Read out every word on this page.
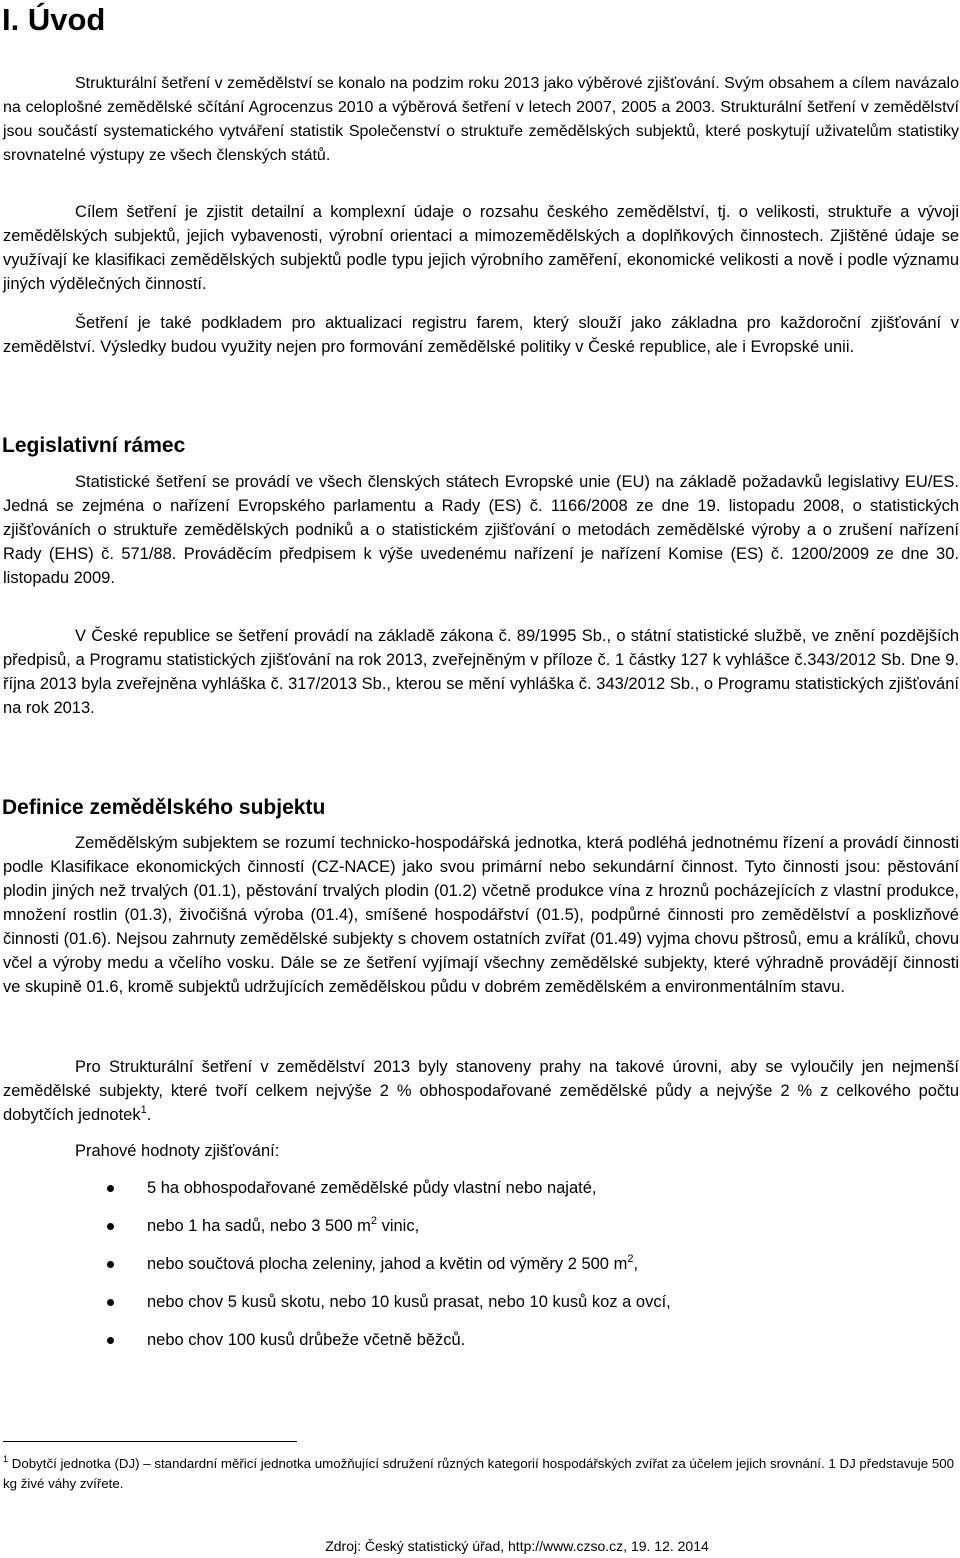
I. Úvod

Strukturální šetření v zemědělství se konalo na podzim roku 2013 jako výběrové zjišťování. Svým obsahem a cílem navázalo na celoplošné zemědělské sčítání Agrocenzus 2010 a výběrová šetření v letech 2007, 2005 a 2003. Strukturální šetření v zemědělství jsou součástí systematického vytváření statistik Společenství o struktuře zemědělských subjektů, které poskytují uživatelům statistiky srovnatelné výstupy ze všech členských států.

Cílem šetření je zjistit detailní a komplexní údaje o rozsahu českého zemědělství, tj. o velikosti, struktuře a vývoji zemědělských subjektů, jejich vybavenosti, výrobní orientaci a mimozemědělských a doplňkových činnostech. Zjištěné údaje se využívají ke klasifikaci zemědělských subjektů podle typu jejich výrobního zaměření, ekonomické velikosti a nově i podle významu jiných výdělečných činností.

Šetření je také podkladem pro aktualizaci registru farem, který slouží jako základna pro každoroční zjišťování v zemědělství. Výsledky budou využity nejen pro formování zemědělské politiky v České republice, ale i Evropské unii.

Legislativní rámec

Statistické šetření se provádí ve všech členských státech Evropské unie (EU) na základě požadavků legislativy EU/ES. Jedná se zejména o nařízení Evropského parlamentu a Rady (ES) č. 1166/2008 ze dne 19. listopadu 2008, o statistických zjišťováních o struktuře zemědělských podniků a o statistickém zjišťování o metodách zemědělské výroby a o zrušení nařízení Rady (EHS) č. 571/88. Prováděcím předpisem k výše uvedenému nařízení je nařízení Komise (ES) č. 1200/2009 ze dne 30. listopadu 2009.

V České republice se šetření provádí na základě zákona č. 89/1995 Sb., o státní statistické službě, ve znění pozdějších předpisů, a Programu statistických zjišťování na rok 2013, zveřejněným v příloze č. 1 částky 127 k vyhlášce č.343/2012 Sb. Dne 9. října 2013 byla zveřejněna vyhláška č. 317/2013 Sb., kterou se mění vyhláška č. 343/2012 Sb., o Programu statistických zjišťování na rok 2013.

Definice zemědělského subjektu

Zemědělským subjektem se rozumí technicko-hospodářská jednotka, která podléhá jednotnému řízení a provádí činnosti podle Klasifikace ekonomických činností (CZ-NACE) jako svou primární nebo sekundární činnost. Tyto činnosti jsou: pěstování plodin jiných než trvalých (01.1), pěstování trvalých plodin (01.2) včetně produkce vína z hroznů pocházejících z vlastní produkce, množení rostlin (01.3), živočišná výroba (01.4), smíšené hospodářství (01.5), podpůrné činnosti pro zemědělství a posklizňové činnosti (01.6). Nejsou zahrnuty zemědělské subjekty s chovem ostatních zvířat (01.49) vyjma chovu pštrosů, emu a králíků, chovu včel a výroby medu a včelího vosku. Dále se ze šetření vyjímají všechny zemědělské subjekty, které výhradně provádějí činnosti ve skupině 01.6, kromě subjektů udržujících zemědělskou půdu v dobrém zemědělském a environmentálním stavu.

Pro Strukturální šetření v zemědělství 2013 byly stanoveny prahy na takové úrovni, aby se vyloučily jen nejmenší zemědělské subjekty, které tvoří celkem nejvýše 2 % obhospodařované zemědělské půdy a nejvýše 2 % z celkového počtu dobytčích jednotek$^1$.

Prahové hodnoty zjišťování:

5 ha obhospodařované zemědělské půdy vlastní nebo najaté,
nebo 1 ha sadů, nebo 3 500 $m^2$ vinic,
nebo součtová plocha zeleniny, jahod a květin od výměry 2 500 $m^2$,
nebo chov 5 kusů skotu, nebo 10 kusů prasat, nebo 10 kusů koz a ovcí,
nebo chov 100 kusů drůbeže včetně běžců.

$^1$ Dobytčí jednotka (DJ) – standardní měřicí jednotka umožňující sdružení různých kategorií hospodářských zvířat za účelem jejich srovnání. 1 DJ představuje 500 kg živé váhy zvířete.

Zdroj: Český statistický úřad, http://www.czso.cz, 19. 12. 2014
